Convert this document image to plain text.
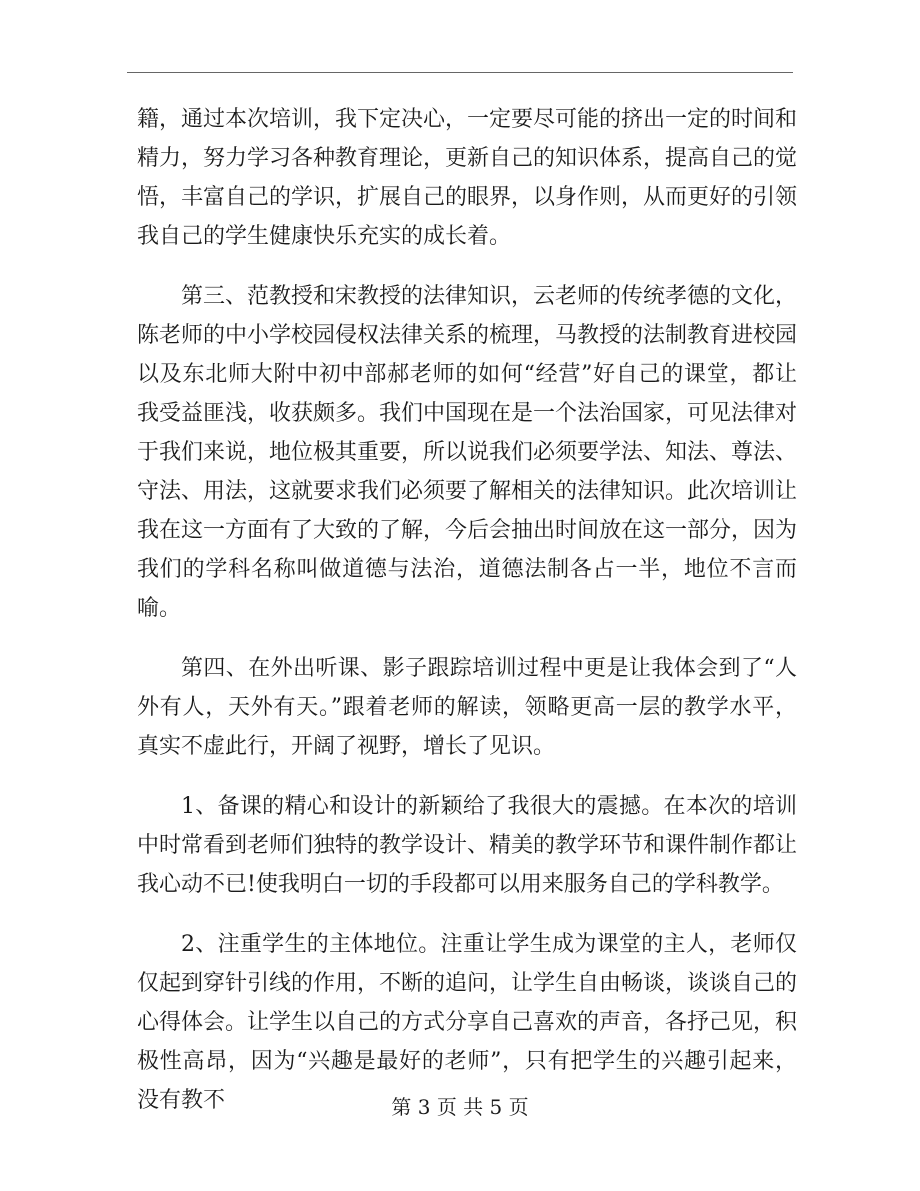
籍，通过本次培训，我下定决心，一定要尽可能的挤出一定的时间和精力，努力学习各种教育理论，更新自己的知识体系，提高自己的觉悟，丰富自己的学识，扩展自己的眼界，以身作则，从而更好的引领我自己的学生健康快乐充实的成长着。

第三、范教授和宋教授的法律知识，云老师的传统孝德的文化，陈老师的中小学校园侵权法律关系的梳理，马教授的法制教育进校园以及东北师大附中初中部郝老师的如何“经营”好自己的课堂，都让我受益匪浅，收获颇多。我们中国现在是一个法治国家，可见法律对于我们来说，地位极其重要，所以说我们必须要学法、知法、尊法、守法、用法，这就要求我们必须要了解相关的法律知识。此次培训让我在这一方面有了大致的了解，今后会抽出时间放在这一部分，因为我们的学科名称叫做道德与法治，道德法制各占一半，地位不言而喻。

第四、在外出听课、影子跟踪培训过程中更是让我体会到了“人外有人，天外有天。”跟着老师的解读，领略更高一层的教学水平，真实不虚此行，开阔了视野，增长了见识。

1、备课的精心和设计的新颖给了我很大的震撼。在本次的培训中时常看到老师们独特的教学设计、精美的教学环节和课件制作都让我心动不已!使我明白一切的手段都可以用来服务自己的学科教学。

2、注重学生的主体地位。注重让学生成为课堂的主人，老师仅仅起到穿针引线的作用，不断的追问，让学生自由畅谈，谈谈自己的心得体会。让学生以自己的方式分享自己喜欢的声音，各抒己见，积极性高昂，因为“兴趣是最好的老师”，只有把学生的兴趣引起来，没有教不	第 3 页 共 5 页
